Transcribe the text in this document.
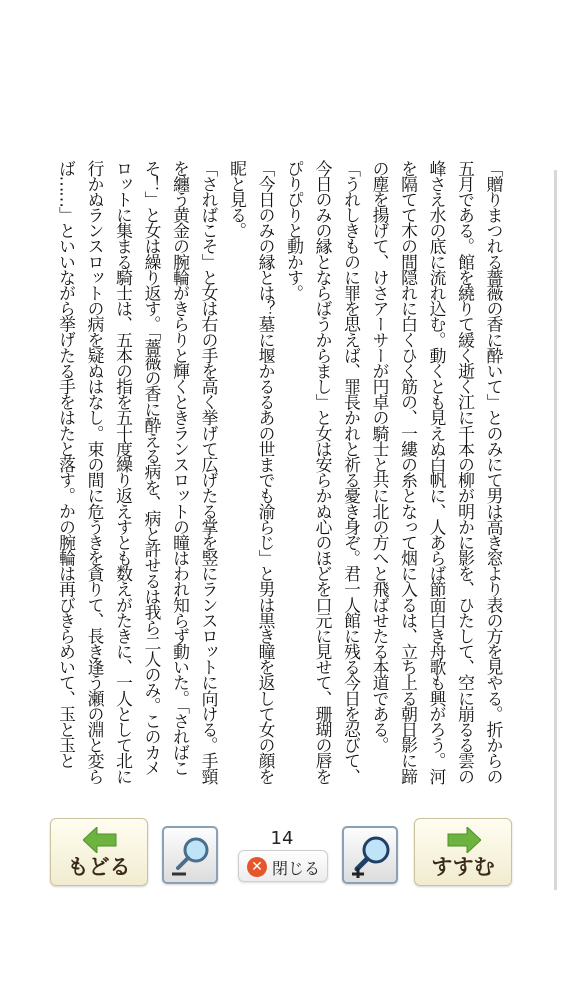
「贈りまつれる薔薇の香に酔いて」とのみにて男は高き窓より表の方を見やる。折からの五月である。館を繞りて緩く逝く江に千本の柳が明かに影を、ひたして、空に崩るる雲の峰さえ水の底に流れ込む。動くとも見えぬ白帆に、人あらば節面白き舟歌も興がろう。河を隔てて木の間隠れに白くひく筋の、一縷の糸となって烟に入るは、立ち上る朝日影に蹄の塵を揚げて、けさアーサーが円卓の騎士と共に北の方へと飛ばせたる本道である。

「うれしきものに罪を思えば、罪長かれと祈る憂き身ぞ。君一人館に残る今日を忍びて、今日のみの縁とならばうからまし」と女は安らかぬ心のほどを口元に見せて、珊瑚の唇をぴりぴりと動かす。

「今日のみの縁とは？墓に堰かるるあの世までも渝らじ」と男は黒き瞳を返して女の顔を眤と見る。

「さればこそ」と女は右の手を高く挙げて広げたる掌を竪にランスロットに向ける。手頸を纏う黄金の腕輪がきらりと輝くときランスロットの瞳はわれ知らず動いた。「さればこそ！」と女は繰り返す。「薔薇の香に酔える病を、病と許せるは我ら二人のみ。このカメロットに集まる騎士は、五本の指を五十度繰り返えすとも数えがたきに、一人として北に行かぬランスロットの病を疑ぬはなし。束の間に危うきを貪りて、長き逢う瀬の淵と変らば……」といいながら挙げたる手をはたと落す。かの腕輪は再びきらめいて、玉と玉と

もどる
14
✕ 閉じる	すすむ
